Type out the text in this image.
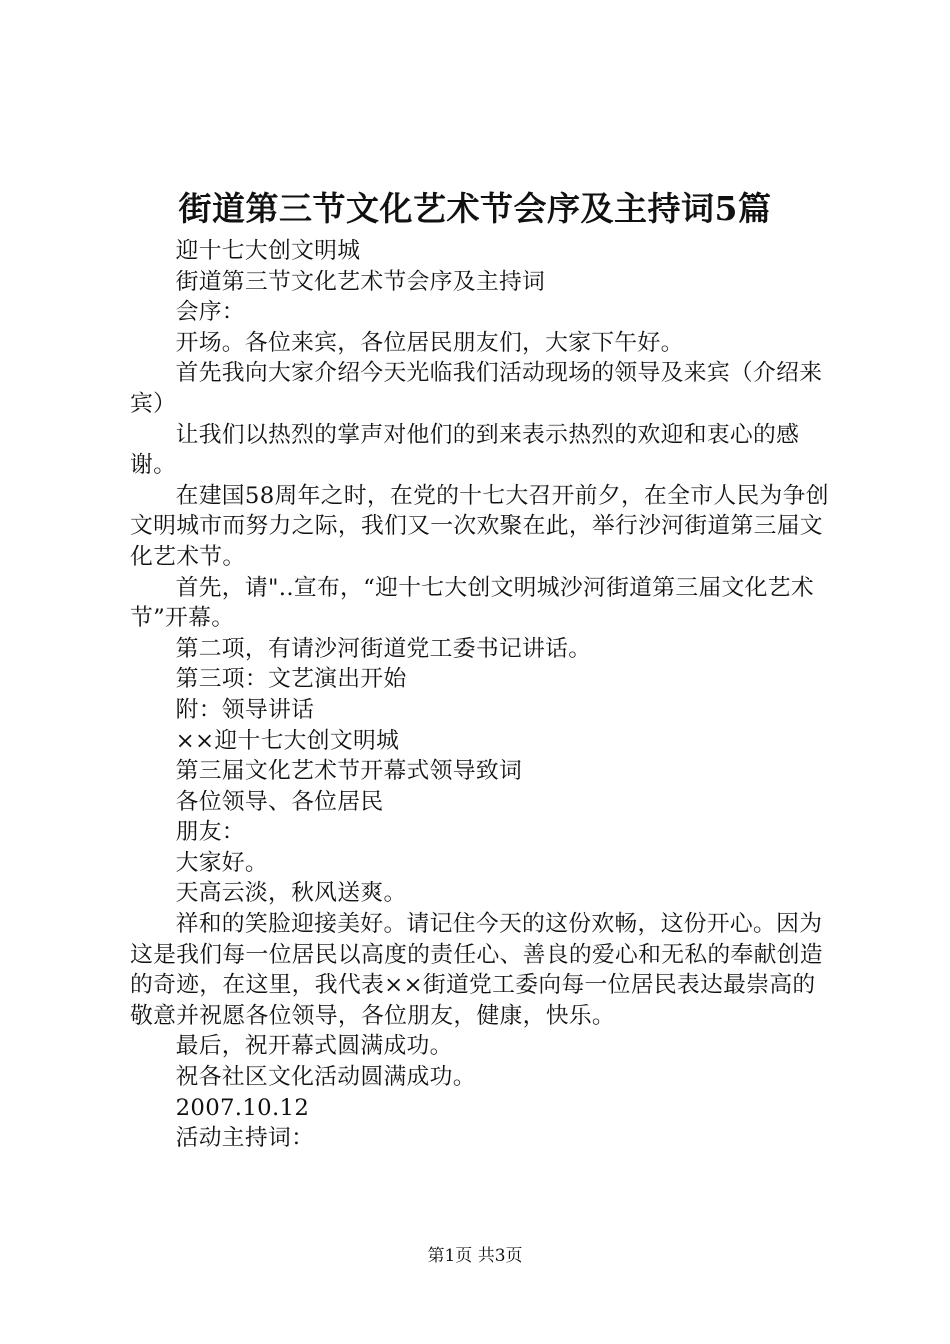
街道第三节文化艺术节会序及主持词5篇

迎十七大创文明城

街道第三节文化艺术节会序及主持词

会序：

开场。各位来宾，各位居民朋友们，大家下午好。

首先我向大家介绍今天光临我们活动现场的领导及来宾（介绍来宾）

让我们以热烈的掌声对他们的到来表示热烈的欢迎和衷心的感谢。

在建国58周年之时，在党的十七大召开前夕，在全市人民为争创文明城市而努力之际，我们又一次欢聚在此，举行沙河街道第三届文化艺术节。

首先，请"..宣布，“迎十七大创文明城沙河街道第三届文化艺术节”开幕。

第二项，有请沙河街道党工委书记讲话。

第三项：文艺演出开始

附：领导讲话

××迎十七大创文明城

第三届文化艺术节开幕式领导致词

各位领导、各位居民

朋友：

大家好。

天高云淡，秋风送爽。

祥和的笑脸迎接美好。请记住今天的这份欢畅，这份开心。因为这是我们每一位居民以高度的责任心、善良的爱心和无私的奉献创造的奇迹，在这里，我代表××街道党工委向每一位居民表达最崇高的敬意并祝愿各位领导，各位朋友，健康，快乐。

最后，祝开幕式圆满成功。

祝各社区文化活动圆满成功。

2007.10.12

活动主持词：

第1页 共3页
